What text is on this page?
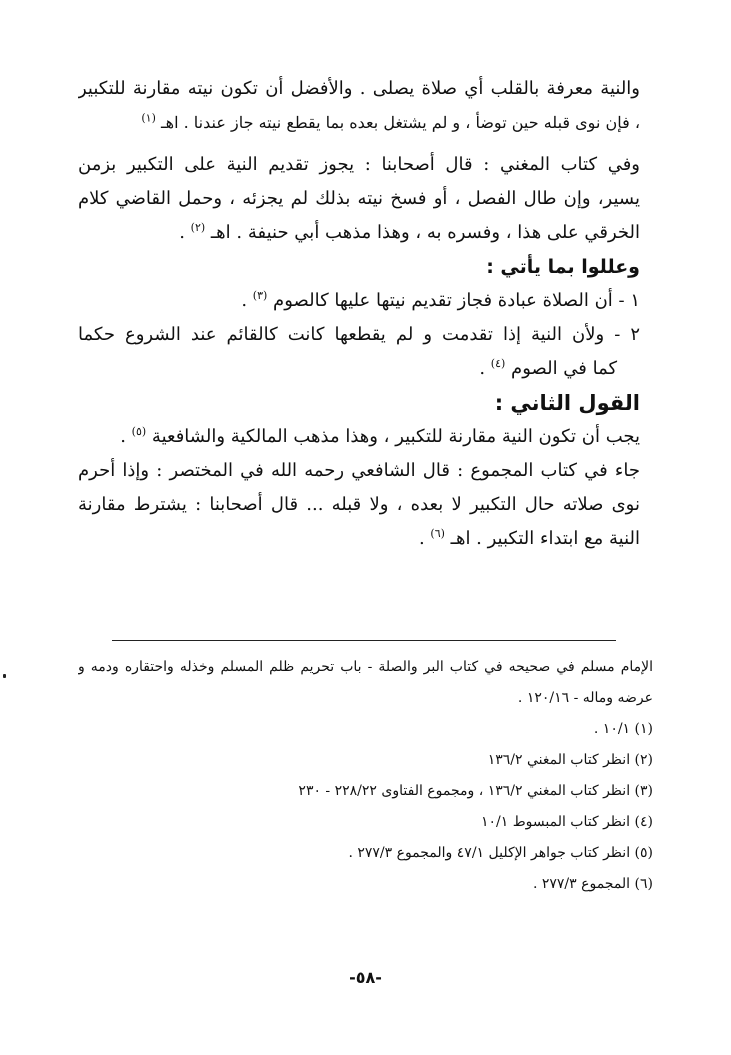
والنية معرفة بالقلب أي صلاة يصلى . والأفضل أن تكون نيته مقارنة للتكبير
، فإن نوى قبله حين توضأ ، و لم يشتغل بعده بما يقطع نيته جاز عندنا . اهـ $^{(١)}$
وفي كتاب المغني : قال أصحابنا : يجوز تقديم النية على التكبير بزمن
يسير، وإن طال الفصل ، أو فسخ نيته بذلك لم يجزئه ، وحمل القاضي كلام
الخرقي على هذا ، وفسره به ، وهذا مذهب أبي حنيفة . اهـ $^{(٢)}$ .
وعللوا بما يأتي :
١ - أن الصلاة عبادة فجاز تقديم نيتها عليها كالصوم $^{(٣)}$ .
٢ - ولأن النية إذا تقدمت و لم يقطعها كانت كالقائم عند الشروع حكما
كما في الصوم $^{(٤)}$ .
القول الثاني :
يجب أن تكون النية مقارنة للتكبير ، وهذا مذهب المالكية والشافعية $^{(٥)}$ .
جاء في كتاب المجموع : قال الشافعي رحمه الله في المختصر : وإذا أحرم
نوى صلاته حال التكبير لا بعده ، ولا قبله ... قال أصحابنا : يشترط مقارنة
النية مع ابتداء التكبير . اهـ $^{(٦)}$ .
الإمام مسلم في صحيحه في كتاب البر والصلة - باب تحريم ظلم المسلم وخذله واحتقاره ودمه و
عرضه وماله - ١٢٠/١٦ .
(١) ١٠/١ .
(٢) انظر كتاب المغني ١٣٦/٢
(٣) انظر كتاب المغني ١٣٦/٢ ، ومجموع الفتاوى ٢٢٨/٢٢ - ٢٣٠
(٤) انظر كتاب المبسوط ١٠/١
(٥) انظر كتاب جواهر الإكليل ٤٧/١ والمجموع ٢٧٧/٣ .
(٦) المجموع ٢٧٧/٣ .
-٥٨-
